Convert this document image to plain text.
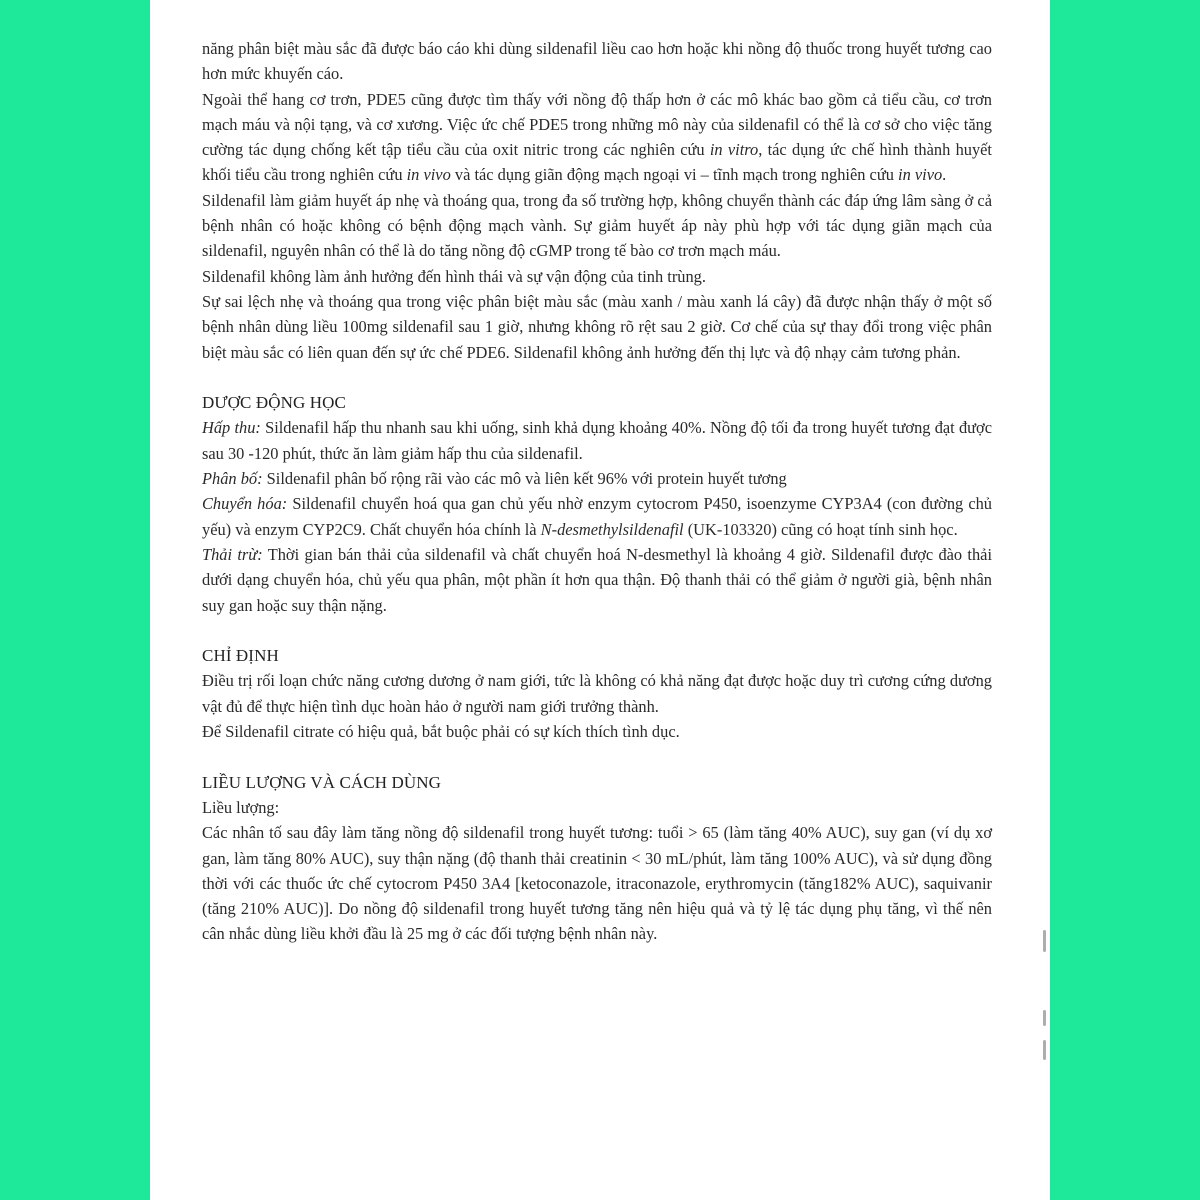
năng phân biệt màu sắc đã được báo cáo khi dùng sildenafil liều cao hơn hoặc khi nồng độ thuốc trong huyết tương cao hơn mức khuyến cáo.

Ngoài thể hang cơ trơn, PDE5 cũng được tìm thấy với nồng độ thấp hơn ở các mô khác bao gồm cả tiểu cầu, cơ trơn mạch máu và nội tạng, và cơ xương. Việc ức chế PDE5 trong những mô này của sildenafil có thể là cơ sở cho việc tăng cường tác dụng chống kết tập tiểu cầu của oxit nitric trong các nghiên cứu in vitro, tác dụng ức chế hình thành huyết khối tiểu cầu trong nghiên cứu in vivo và tác dụng giãn động mạch ngoại vi – tĩnh mạch trong nghiên cứu in vivo.

Sildenafil làm giảm huyết áp nhẹ và thoáng qua, trong đa số trường hợp, không chuyển thành các đáp ứng lâm sàng ở cả bệnh nhân có hoặc không có bệnh động mạch vành. Sự giảm huyết áp này phù hợp với tác dụng giãn mạch của sildenafil, nguyên nhân có thể là do tăng nồng độ cGMP trong tế bào cơ trơn mạch máu.

Sildenafil không làm ảnh hưởng đến hình thái và sự vận động của tinh trùng.

Sự sai lệch nhẹ và thoáng qua trong việc phân biệt màu sắc (màu xanh / màu xanh lá cây) đã được nhận thấy ở một số bệnh nhân dùng liều 100mg sildenafil sau 1 giờ, nhưng không rõ rệt sau 2 giờ. Cơ chế của sự thay đổi trong việc phân biệt màu sắc có liên quan đến sự ức chế PDE6. Sildenafil không ảnh hưởng đến thị lực và độ nhạy cảm tương phản.

DƯỢC ĐỘNG HỌC

Hấp thu: Sildenafil hấp thu nhanh sau khi uống, sinh khả dụng khoảng 40%. Nồng độ tối đa trong huyết tương đạt được sau 30 -120 phút, thức ăn làm giảm hấp thu của sildenafil.

Phân bố: Sildenafil phân bố rộng rãi vào các mô và liên kết 96% với protein huyết tương

Chuyển hóa: Sildenafil chuyển hoá qua gan chủ yếu nhờ enzym cytocrom P450, isoenzyme CYP3A4 (con đường chủ yếu) và enzym CYP2C9. Chất chuyển hóa chính là N-desmethylsildenafil (UK-103320) cũng có hoạt tính sinh học.

Thải trừ: Thời gian bán thải của sildenafil và chất chuyển hoá N-desmethyl là khoảng 4 giờ. Sildenafil được đào thải dưới dạng chuyển hóa, chủ yếu qua phân, một phần ít hơn qua thận. Độ thanh thải có thể giảm ở người già, bệnh nhân suy gan hoặc suy thận nặng.

CHỈ ĐỊNH

Điều trị rối loạn chức năng cương dương ở nam giới, tức là không có khả năng đạt được hoặc duy trì cương cứng dương vật đủ để thực hiện tình dục hoàn hảo ở người nam giới trưởng thành.

Để Sildenafil citrate có hiệu quả, bắt buộc phải có sự kích thích tình dục.

LIỀU LƯỢNG VÀ CÁCH DÙNG

Liều lượng:

Các nhân tố sau đây làm tăng nồng độ sildenafil trong huyết tương: tuổi > 65 (làm tăng 40% AUC), suy gan (ví dụ xơ gan, làm tăng 80% AUC), suy thận nặng (độ thanh thải creatinin < 30 mL/phút, làm tăng 100% AUC), và sử dụng đồng thời với các thuốc ức chế cytocrom P450 3A4 [ketoconazole, itraconazole, erythromycin (tăng182% AUC), saquivanir (tăng 210% AUC)]. Do nồng độ sildenafil trong huyết tương tăng nên hiệu quả và tỷ lệ tác dụng phụ tăng, vì thế nên cân nhắc dùng liều khởi đầu là 25 mg ở các đối tượng bệnh nhân này.
